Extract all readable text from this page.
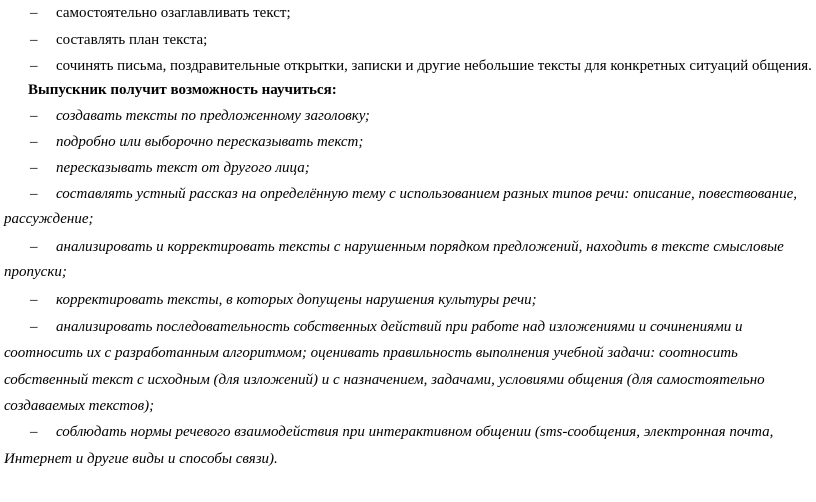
– самостоятельно озаглавливать текст;
– составлять план текста;
– сочинять письма, поздравительные открытки, записки и другие небольшие тексты для конкретных ситуаций общения.
Выпускник получит возможность научиться:
– создавать тексты по предложенному заголовку;
– подробно или выборочно пересказывать текст;
– пересказывать текст от другого лица;
– составлять устный рассказ на определённую тему с использованием разных типов речи: описание, повествование,
рассуждение;
– анализировать и корректировать тексты с нарушенным порядком предложений, находить в тексте смысловые
пропуски;
– корректировать тексты, в которых допущены нарушения культуры речи;
– анализировать последовательность собственных действий при работе над изложениями и сочинениями и
соотносить их с разработанным алгоритмом; оценивать правильность выполнения учебной задачи: соотносить
собственный текст с исходным (для изложений) и с назначением, задачами, условиями общения (для самостоятельно
создаваемых текстов);
– соблюдать нормы речевого взаимодействия при интерактивном общении (sms-сообщения, электронная почта,
Интернет и другие виды и способы связи).
